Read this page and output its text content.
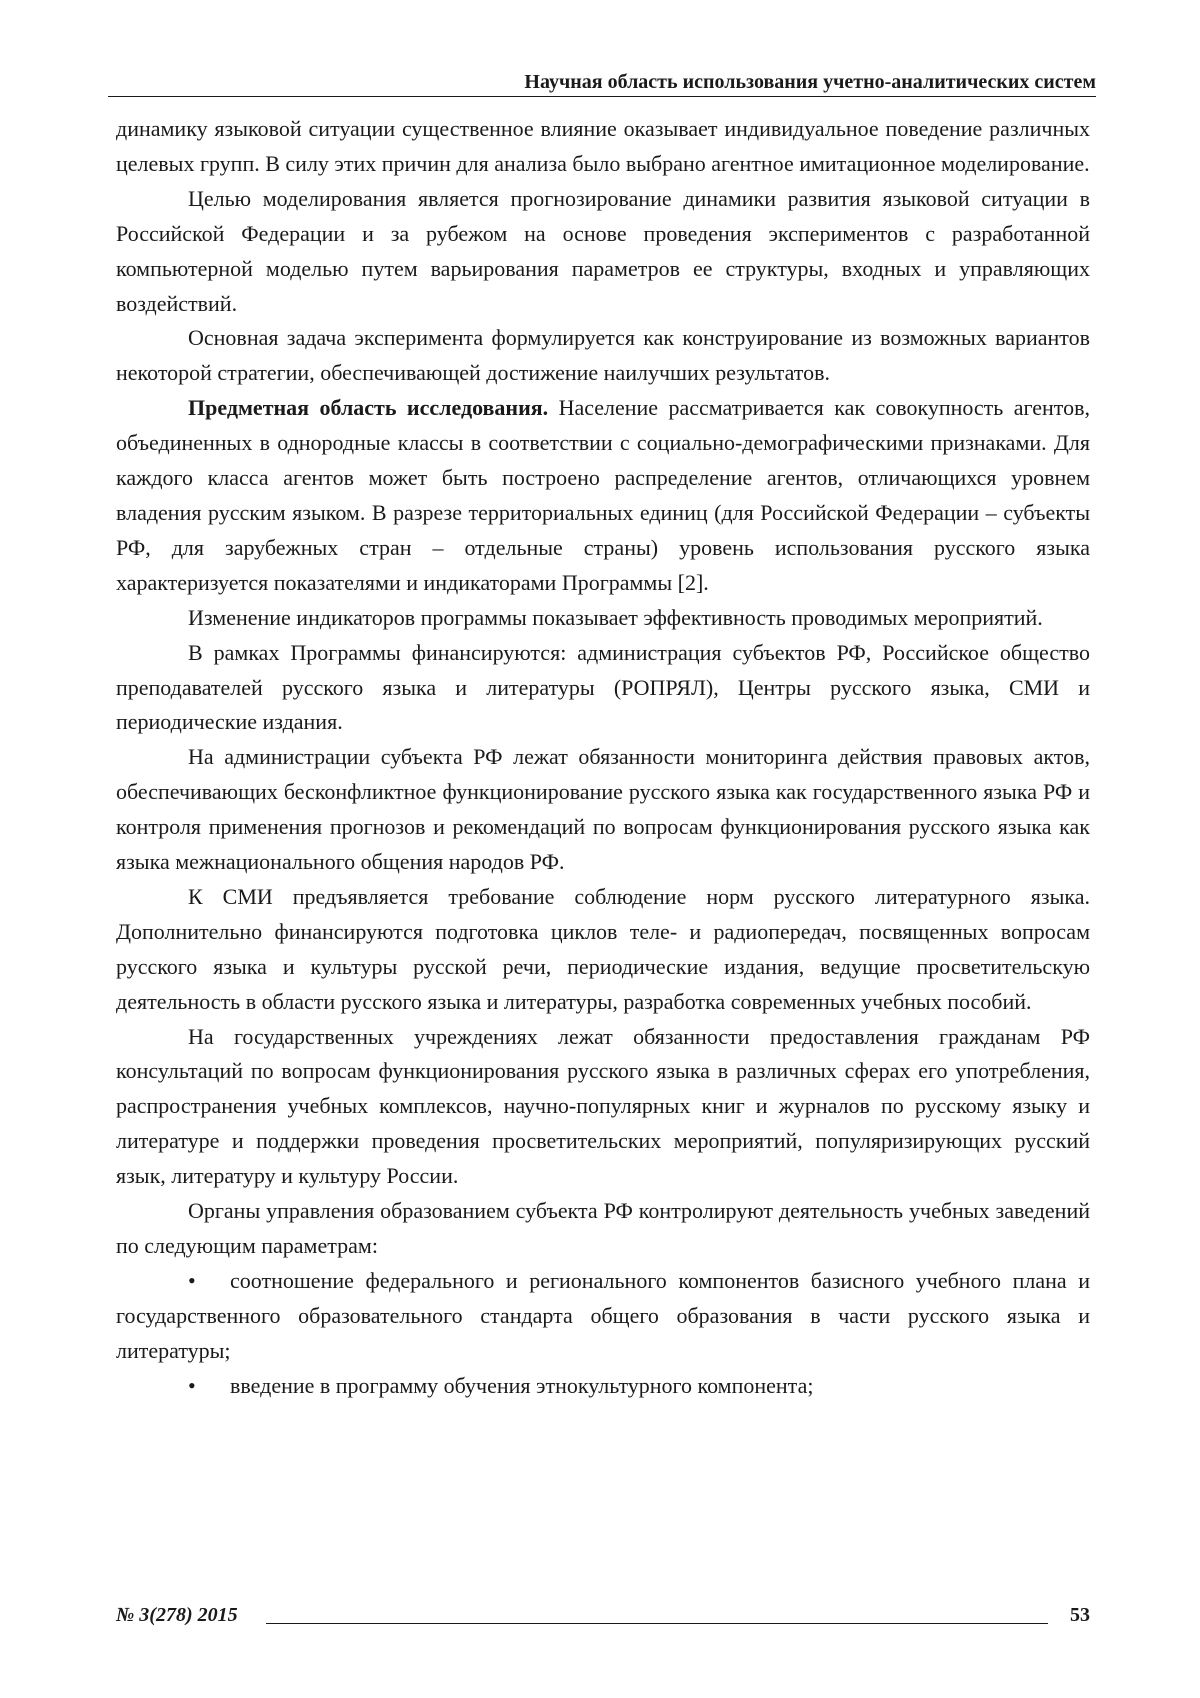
Научная область использования учетно-аналитических систем

динамику языковой ситуации существенное влияние оказывает индивидуальное поведение различных целевых групп. В силу этих причин для анализа было выбрано агентное имитационное моделирование.

Целью моделирования является прогнозирование динамики развития языковой ситуации в Российской Федерации и за рубежом на основе проведения экспериментов с разработанной компьютерной моделью путем варьирования параметров ее структуры, входных и управляющих воздействий.

Основная задача эксперимента формулируется как конструирование из возможных вариантов некоторой стратегии, обеспечивающей достижение наилучших результатов.

Предметная область исследования. Население рассматривается как совокупность агентов, объединенных в однородные классы в соответствии с социально-демографическими признаками. Для каждого класса агентов может быть построено распределение агентов, отличающихся уровнем владения русским языком. В разрезе территориальных единиц (для Российской Федерации – субъекты РФ, для зарубежных стран – отдельные страны) уровень использования русского языка характеризуется показателями и индикаторами Программы [2].

Изменение индикаторов программы показывает эффективность проводимых мероприятий.

В рамках Программы финансируются: администрация субъектов РФ, Российское общество преподавателей русского языка и литературы (РОПРЯЛ), Центры русского языка, СМИ и периодические издания.

На администрации субъекта РФ лежат обязанности мониторинга действия правовых актов, обеспечивающих бесконфликтное функционирование русского языка как государственного языка РФ и контроля применения прогнозов и рекомендаций по вопросам функционирования русского языка как языка межнационального общения народов РФ.

К СМИ предъявляется требование соблюдение норм русского литературного языка. Дополнительно финансируются подготовка циклов теле- и радиопередач, посвященных вопросам русского языка и культуры русской речи, периодические издания, ведущие просветительскую деятельность в области русского языка и литературы, разработка современных учебных пособий.

На государственных учреждениях лежат обязанности предоставления гражданам РФ консультаций по вопросам функционирования русского языка в различных сферах его употребления, распространения учебных комплексов, научно-популярных книг и журналов по русскому языку и литературе и поддержки проведения просветительских мероприятий, популяризирующих русский язык, литературу и культуру России.

Органы управления образованием субъекта РФ контролируют деятельность учебных заведений по следующим параметрам:

• соотношение федерального и регионального компонентов базисного учебного плана и государственного образовательного стандарта общего образования в части русского языка и литературы;

• введение в программу обучения этнокультурного компонента;

№ 3(278) 2015	53
